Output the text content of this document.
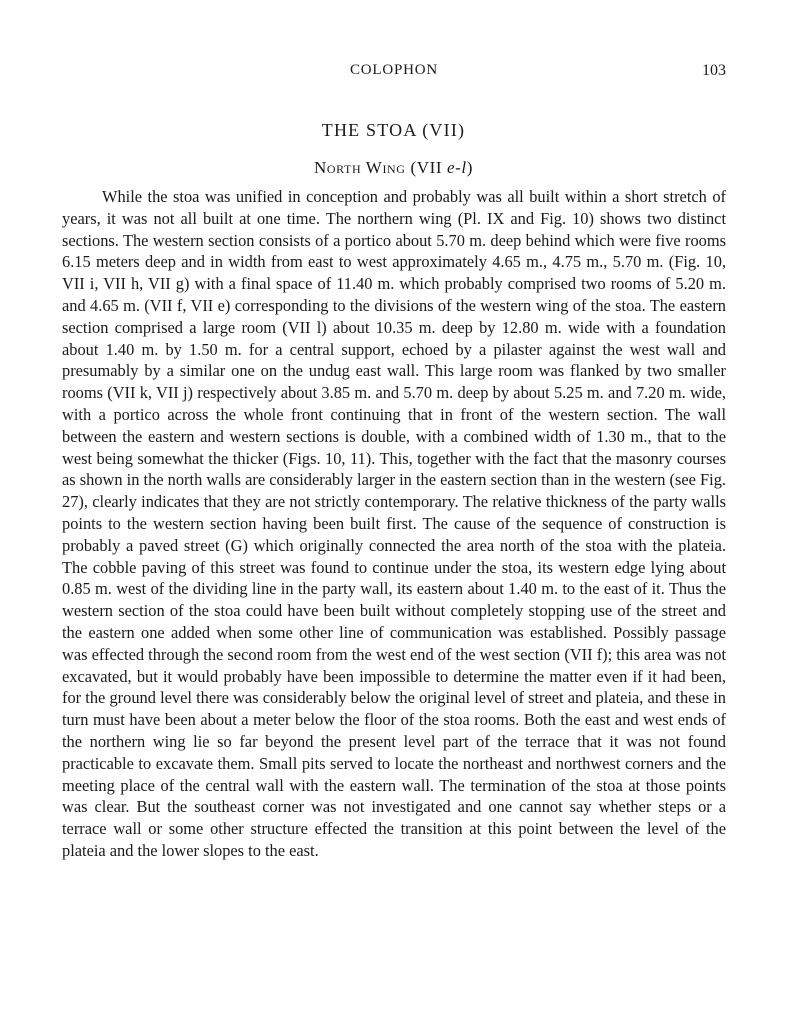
COLOPHON	103
THE STOA (VII)
North Wing (VII e-l)

While the stoa was unified in conception and probably was all built within a short stretch of years, it was not all built at one time. The northern wing (Pl. IX and Fig. 10) shows two distinct sections. The western section consists of a portico about 5.70 m. deep behind which were five rooms 6.15 meters deep and in width from east to west approximately 4.65 m., 4.75 m., 5.70 m. (Fig. 10, VII i, VII h, VII g) with a final space of 11.40 m. which probably comprised two rooms of 5.20 m. and 4.65 m. (VII f, VII e) corresponding to the divisions of the western wing of the stoa. The eastern section comprised a large room (VII l) about 10.35 m. deep by 12.80 m. wide with a foundation about 1.40 m. by 1.50 m. for a central support, echoed by a pilaster against the west wall and presumably by a similar one on the undug east wall. This large room was flanked by two smaller rooms (VII k, VII j) respectively about 3.85 m. and 5.70 m. deep by about 5.25 m. and 7.20 m. wide, with a portico across the whole front continuing that in front of the western section. The wall between the eastern and western sections is double, with a combined width of 1.30 m., that to the west being somewhat the thicker (Figs. 10, 11). This, together with the fact that the masonry courses as shown in the north walls are considerably larger in the eastern section than in the western (see Fig. 27), clearly indicates that they are not strictly contemporary. The relative thickness of the party walls points to the western section having been built first. The cause of the sequence of construction is probably a paved street (G) which originally connected the area north of the stoa with the plateia. The cobble paving of this street was found to continue under the stoa, its western edge lying about 0.85 m. west of the dividing line in the party wall, its eastern about 1.40 m. to the east of it. Thus the western section of the stoa could have been built without completely stopping use of the street and the eastern one added when some other line of communication was established. Possibly passage was effected through the second room from the west end of the west section (VII f); this area was not excavated, but it would probably have been impossible to determine the matter even if it had been, for the ground level there was considerably below the original level of street and plateia, and these in turn must have been about a meter below the floor of the stoa rooms. Both the east and west ends of the northern wing lie so far beyond the present level part of the terrace that it was not found practicable to excavate them. Small pits served to locate the northeast and northwest corners and the meeting place of the central wall with the eastern wall. The termination of the stoa at those points was clear. But the southeast corner was not investigated and one cannot say whether steps or a terrace wall or some other structure effected the transition at this point between the level of the plateia and the lower slopes to the east.
